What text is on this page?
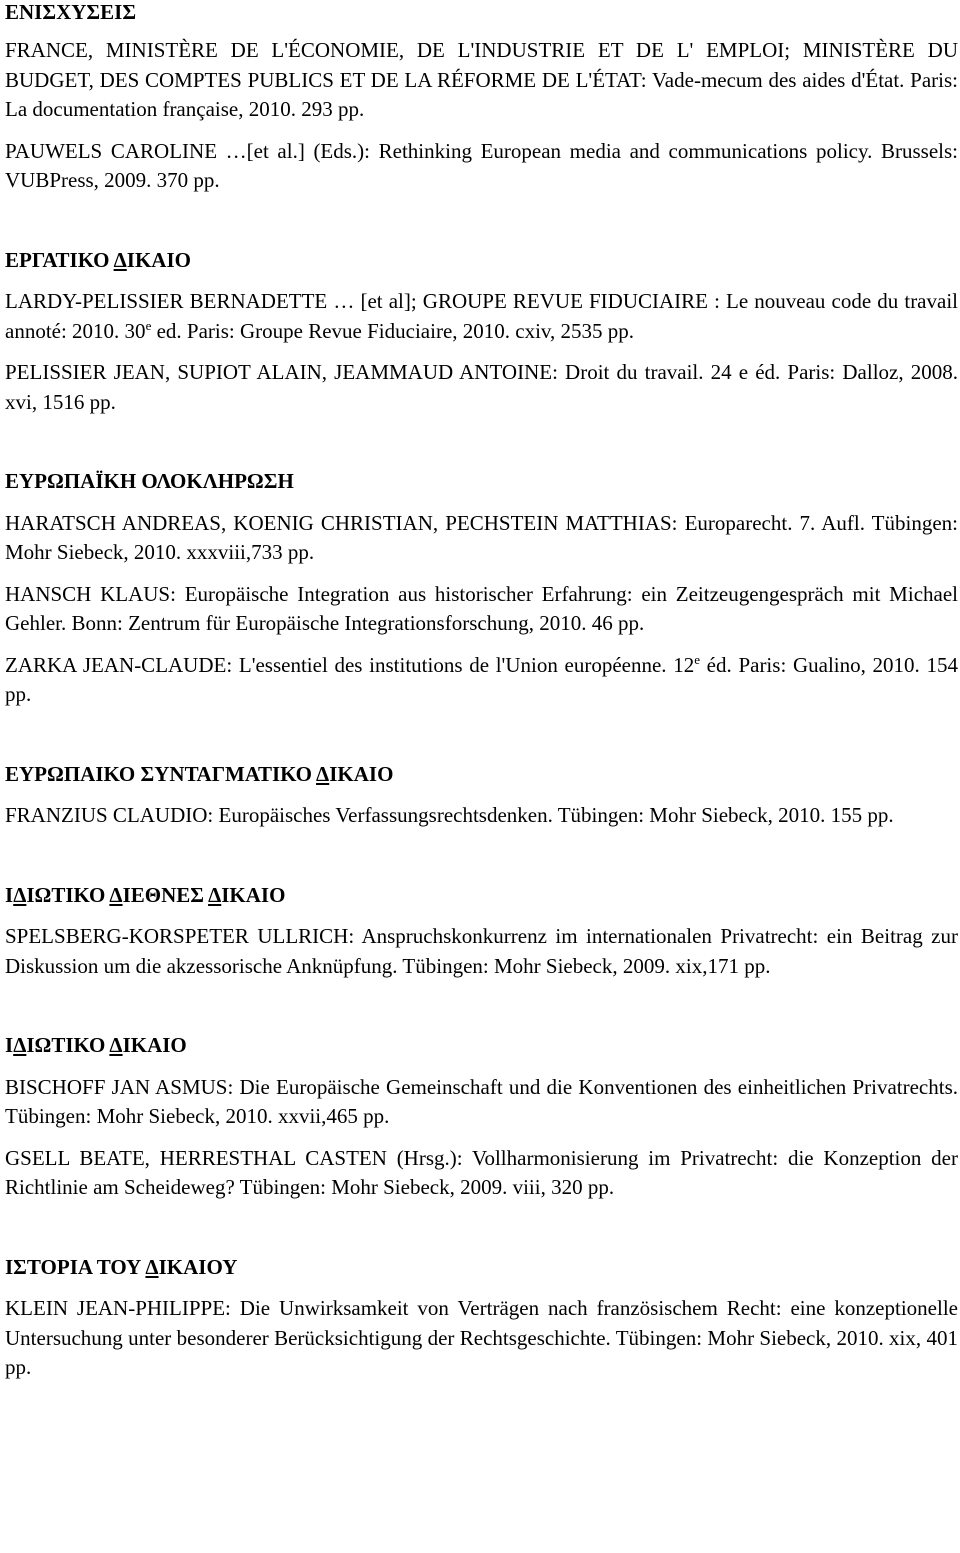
ΕΝΙΣΧΥΣΕΙΣ

FRANCE, MINISTÈRE DE L'ÉCONOMIE, DE L'INDUSTRIE ET DE L' EMPLOI; MINISTÈRE DU BUDGET, DES COMPTES PUBLICS ET DE LA RÉFORME DE L'ÉTAT: Vade-mecum des aides d'État. Paris: La documentation française, 2010. 293 pp.

PAUWELS CAROLINE …[et al.] (Eds.): Rethinking European media and communications policy. Brussels: VUBPress, 2009. 370 pp.

ΕΡΓΑΤΙΚΟ ΔΙΚΑΙΟ

LARDY-PELISSIER BERNADETTE … [et al]; GROUPE REVUE FIDUCIAIRE : Le nouveau code du travail annoté: 2010. 30e ed. Paris: Groupe Revue Fiduciaire, 2010. cxiv, 2535 pp.

PELISSIER JEAN, SUPIOT ALAIN, JEAMMAUD ANTOINE: Droit du travail. 24 e éd. Paris: Dalloz, 2008. xvi, 1516 pp.

ΕΥΡΩΠΑΪΚΗ ΟΛΟΚΛΗΡΩΣΗ

HARATSCH ANDREAS, KOENIG CHRISTIAN, PECHSTEIN MATTHIAS: Europarecht. 7. Aufl. Tübingen: Mohr Siebeck, 2010. xxxviii,733 pp.

HANSCH KLAUS: Europäische Integration aus historischer Erfahrung: ein Zeitzeugengespräch mit Michael Gehler. Bonn: Zentrum für Europäische Integrationsforschung, 2010. 46 pp.

ZARKA JEAN-CLAUDE: L'essentiel des institutions de l'Union européenne. 12e éd. Paris: Gualino, 2010. 154 pp.

ΕΥΡΩΠΑΙΚΟ ΣΥΝΤΑΓΜΑΤΙΚΟ ΔΙΚΑΙΟ

FRANZIUS CLAUDIO: Europäisches Verfassungsrechtsdenken. Tübingen: Mohr Siebeck, 2010. 155 pp.

ΙΔΙΩΤΙΚΟ ΔΙΕΘΝΕΣ ΔΙΚΑΙΟ

SPELSBERG-KORSPETER ULLRICH: Anspruchskonkurrenz im internationalen Privatrecht: ein Beitrag zur Diskussion um die akzessorische Anknüpfung. Tübingen: Mohr Siebeck, 2009. xix,171 pp.

ΙΔΙΩΤΙΚΟ ΔΙΚΑΙΟ

BISCHOFF JAN ASMUS: Die Europäische Gemeinschaft und die Konventionen des einheitlichen Privatrechts. Tübingen: Mohr Siebeck, 2010. xxvii,465 pp.

GSELL BEATE, HERRESTHAL CASTEN (Hrsg.): Vollharmonisierung im Privatrecht: die Konzeption der Richtlinie am Scheideweg? Tübingen: Mohr Siebeck, 2009. viii, 320 pp.

ΙΣΤΟΡΙΑ ΤΟΥ ΔΙΚΑΙΟΥ

KLEIN JEAN-PHILIPPE: Die Unwirksamkeit von Verträgen nach französischem Recht: eine konzeptionelle Untersuchung unter besonderer Berücksichtigung der Rechtsgeschichte. Tübingen: Mohr Siebeck, 2010. xix, 401 pp.
